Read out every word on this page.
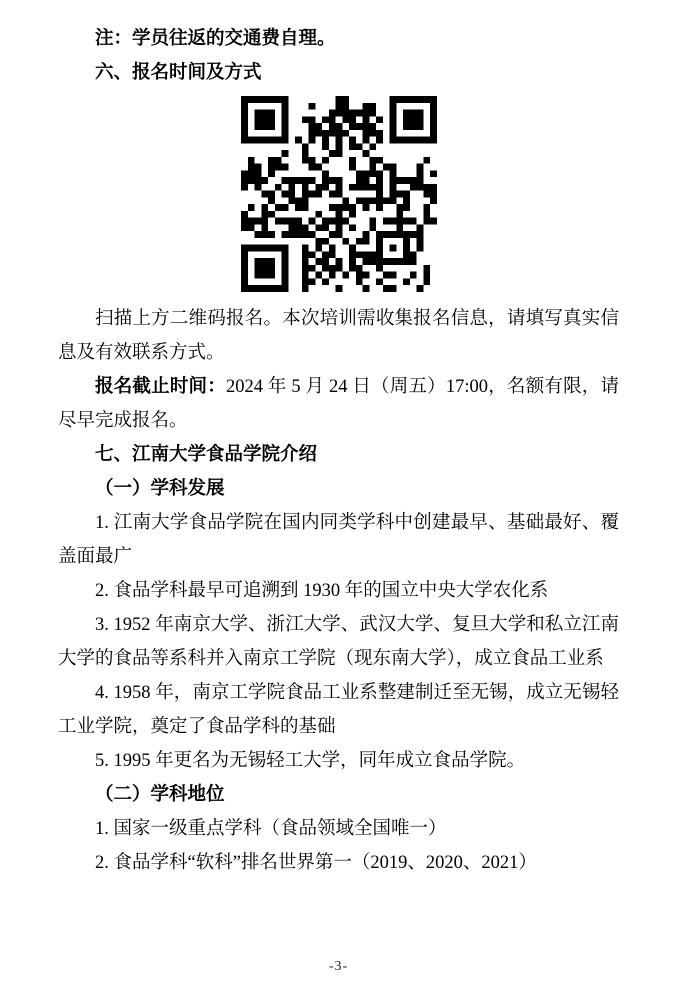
注：学员往返的交通费自理。
六、报名时间及方式
扫描上方二维码报名。本次培训需收集报名信息，请填写真实信息及有效联系方式。
报名截止时间：2024 年 5 月 24 日（周五）17:00，名额有限，请尽早完成报名。
七、江南大学食品学院介绍
（一）学科发展
1. 江南大学食品学院在国内同类学科中创建最早、基础最好、覆盖面最广
2. 食品学科最早可追溯到 1930 年的国立中央大学农化系
3. 1952 年南京大学、浙江大学、武汉大学、复旦大学和私立江南大学的食品等系科并入南京工学院（现东南大学），成立食品工业系
4. 1958 年，南京工学院食品工业系整建制迁至无锡，成立无锡轻工业学院，奠定了食品学科的基础
5. 1995 年更名为无锡轻工大学，同年成立食品学院。
（二）学科地位
1. 国家一级重点学科（食品领域全国唯一）
2. 食品学科“软科”排名世界第一（2019、2020、2021）
-3-
